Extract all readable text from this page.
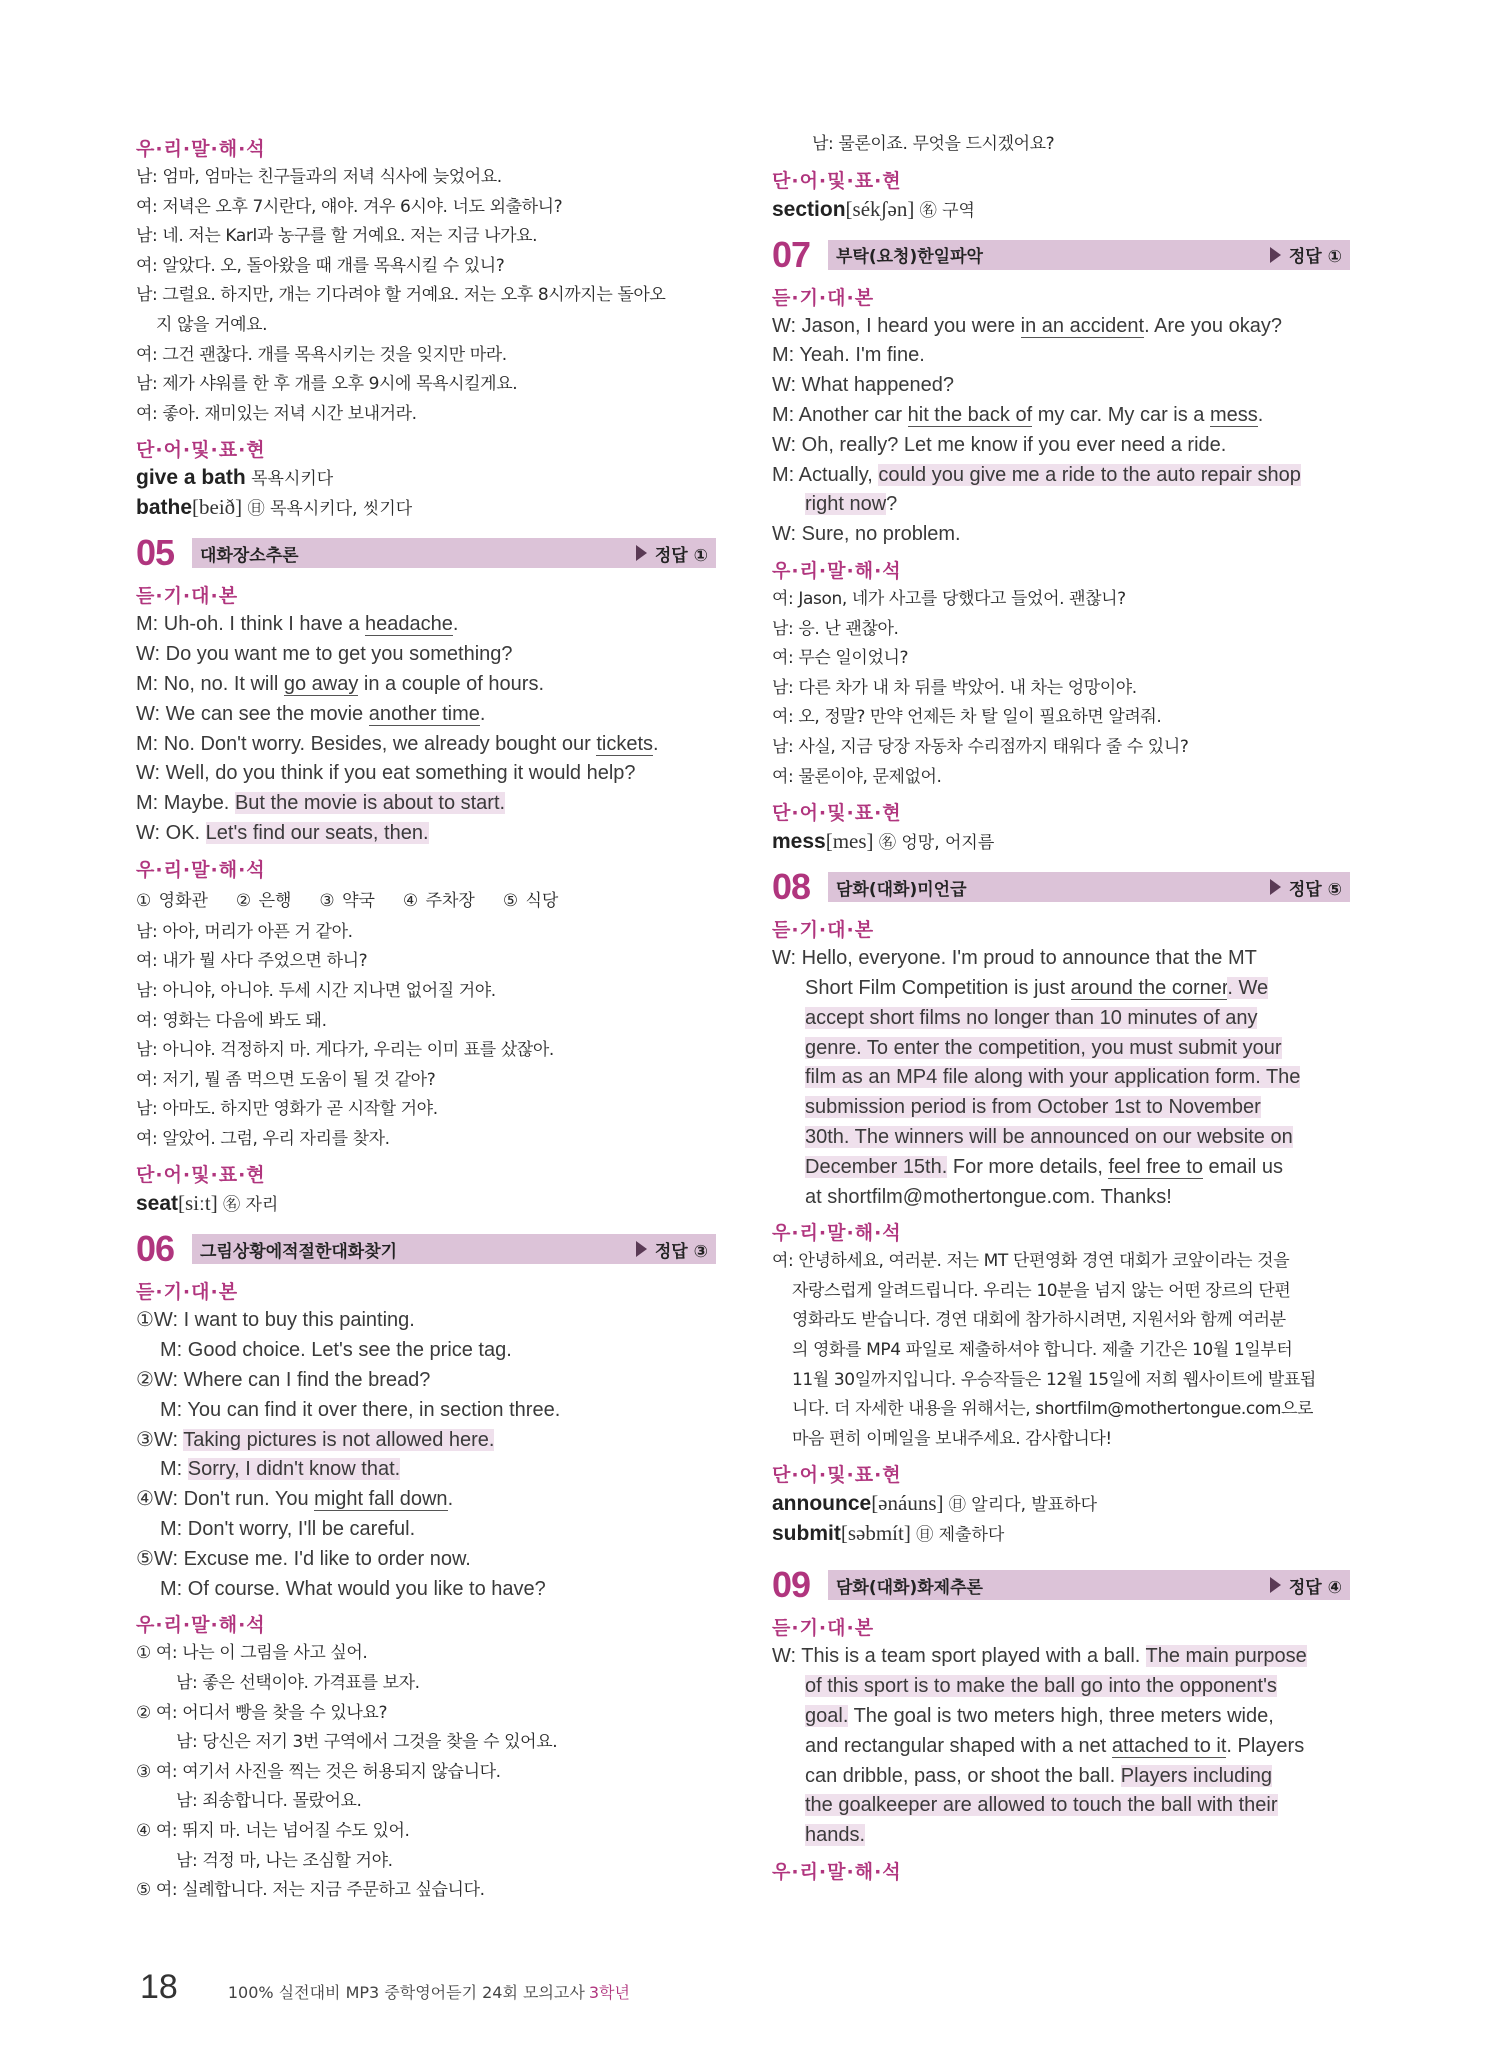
우·리·말·해·석
남: 엄마, 엄마는 친구들과의 저녁 식사에 늦었어요.
여: 저녁은 오후 7시란다, 얘야. 겨우 6시야. 너도 외출하니?
남: 네. 저는 Karl과 농구를 할 거예요. 저는 지금 나가요.
여: 알았다. 오, 돌아왔을 때 개를 목욕시킬 수 있니?
남: 그럴요. 하지만, 개는 기다려야 할 거예요. 저는 오후 8시까지는 돌아오
지 않을 거예요.
여: 그건 괜찮다. 개를 목욕시키는 것을 잊지만 마라.
남: 제가 샤워를 한 후 개를 오후 9시에 목욕시킬게요.
여: 좋아. 재미있는 저녁 시간 보내거라.
단·어·및·표·현
give a bath 목욕시키다
bathe[beið] ㊐ 목욕시키다, 씻기다
05	대화장소추론	정답 ①
듣·기·대·본
M: Uh-oh. I think I have a headache.
W: Do you want me to get you something?
M: No, no. It will go away in a couple of hours.
W: We can see the movie another time.
M: No. Don't worry. Besides, we already bought our tickets.
W: Well, do you think if you eat something it would help?
M: Maybe. But the movie is about to start.
W: OK. Let's find our seats, then.
우·리·말·해·석
① 영화관 ② 은행 ③ 약국 ④ 주차장 ⑤ 식당
남: 아아, 머리가 아픈 거 같아.
여: 내가 뭘 사다 주었으면 하니?
남: 아니야, 아니야. 두세 시간 지나면 없어질 거야.
여: 영화는 다음에 봐도 돼.
남: 아니야. 걱정하지 마. 게다가, 우리는 이미 표를 샀잖아.
여: 저기, 뭘 좀 먹으면 도움이 될 것 같아?
남: 아마도. 하지만 영화가 곧 시작할 거야.
여: 알았어. 그럼, 우리 자리를 찾자.
단·어·및·표·현
seat[siːt] ㊔ 자리
06	그림상황에적절한대화찾기	정답 ③
듣·기·대·본
①W: I want to buy this painting.
M: Good choice. Let's see the price tag.
②W: Where can I find the bread?
M: You can find it over there, in section three.
③W: Taking pictures is not allowed here.
M: Sorry, I didn't know that.
④W: Don't run. You might fall down.
M: Don't worry, I'll be careful.
⑤W: Excuse me. I'd like to order now.
M: Of course. What would you like to have?
우·리·말·해·석
① 여: 나는 이 그림을 사고 싶어.
남: 좋은 선택이야. 가격표를 보자.
② 여: 어디서 빵을 찾을 수 있나요?
남: 당신은 저기 3번 구역에서 그것을 찾을 수 있어요.
③ 여: 여기서 사진을 찍는 것은 허용되지 않습니다.
남: 죄송합니다. 몰랐어요.
④ 여: 뛰지 마. 너는 넘어질 수도 있어.
남: 걱정 마, 나는 조심할 거야.
⑤ 여: 실례합니다. 저는 지금 주문하고 싶습니다.
남: 물론이죠. 무엇을 드시겠어요?
단·어·및·표·현
section[sékʃən] ㊔ 구역
07	부탁(요청)한일파악	정답 ①
듣·기·대·본
W: Jason, I heard you were in an accident. Are you okay?
M: Yeah. I'm fine.
W: What happened?
M: Another car hit the back of my car. My car is a mess.
W: Oh, really? Let me know if you ever need a ride.
M: Actually, could you give me a ride to the auto repair shop
right now?
W: Sure, no problem.
우·리·말·해·석
여: Jason, 네가 사고를 당했다고 들었어. 괜찮니?
남: 응. 난 괜찮아.
여: 무슨 일이었니?
남: 다른 차가 내 차 뒤를 박았어. 내 차는 엉망이야.
여: 오, 정말? 만약 언제든 차 탈 일이 필요하면 알려줘.
남: 사실, 지금 당장 자동차 수리점까지 태워다 줄 수 있니?
여: 물론이야, 문제없어.
단·어·및·표·현
mess[mes] ㊔ 엉망, 어지름
08	담화(대화)미언급	정답 ⑤
듣·기·대·본
W: Hello, everyone. I'm proud to announce that the MT
Short Film Competition is just around the corner. We
accept short films no longer than 10 minutes of any
genre. To enter the competition, you must submit your
film as an MP4 file along with your application form. The
submission period is from October 1st to November
30th. The winners will be announced on our website on
December 15th. For more details, feel free to email us
at shortfilm@mothertongue.com. Thanks!
우·리·말·해·석
여: 안녕하세요, 여러분. 저는 MT 단편영화 경연 대회가 코앞이라는 것을
자랑스럽게 알려드립니다. 우리는 10분을 넘지 않는 어떤 장르의 단편
영화라도 받습니다. 경연 대회에 참가하시려면, 지원서와 함께 여러분
의 영화를 MP4 파일로 제출하셔야 합니다. 제출 기간은 10월 1일부터
11월 30일까지입니다. 우승작들은 12월 15일에 저희 웹사이트에 발표됩
니다. 더 자세한 내용을 위해서는, shortfilm@mothertongue.com으로
마음 편히 이메일을 보내주세요. 감사합니다!
단·어·및·표·현
announce[ənáuns] ㊐ 알리다, 발표하다
submit[səbmít] ㊐ 제출하다
09	담화(대화)화제추론	정답 ④
듣·기·대·본
W: This is a team sport played with a ball. The main purpose
of this sport is to make the ball go into the opponent's
goal. The goal is two meters high, three meters wide,
and rectangular shaped with a net attached to it. Players
can dribble, pass, or shoot the ball. Players including
the goalkeeper are allowed to touch the ball with their
hands.
우·리·말·해·석
18	100% 실전대비 MP3 중학영어듣기 24회 모의고사 3학년
